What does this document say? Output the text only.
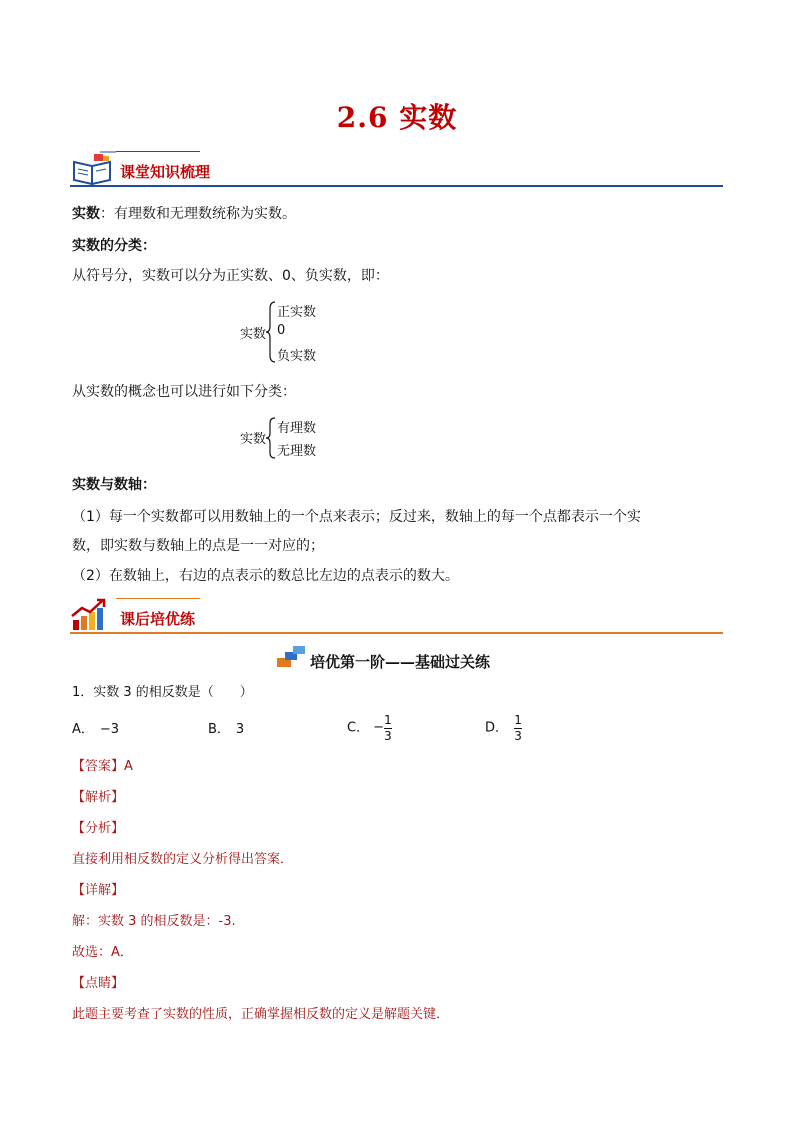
2.6 实数
课堂知识梳理
实数：有理数和无理数统称为实数。
实数的分类：
从符号分，实数可以分为正实数、0、负实数，即：
实数
正实数
0
负实数
从实数的概念也可以进行如下分类：
实数
有理数
无理数
实数与数轴：
（1）每一个实数都可以用数轴上的一个点来表示；反过来，数轴上的每一个点都表示一个实
数，即实数与数轴上的点是一一对应的；
（2）在数轴上，右边的点表示的数总比左边的点表示的数大。
课后培优练
培优第一阶——基础过关练
1．实数 3 的相反数是（　　）
A． −3	B． 3	C． − $\frac{1}{3}$	D． $\frac{1}{3}$
【答案】A
【解析】
【分析】
直接利用相反数的定义分析得出答案．
【详解】
解：实数 3 的相反数是：-3.
故选：A．
【点睛】
此题主要考查了实数的性质，正确掌握相反数的定义是解题关键．
